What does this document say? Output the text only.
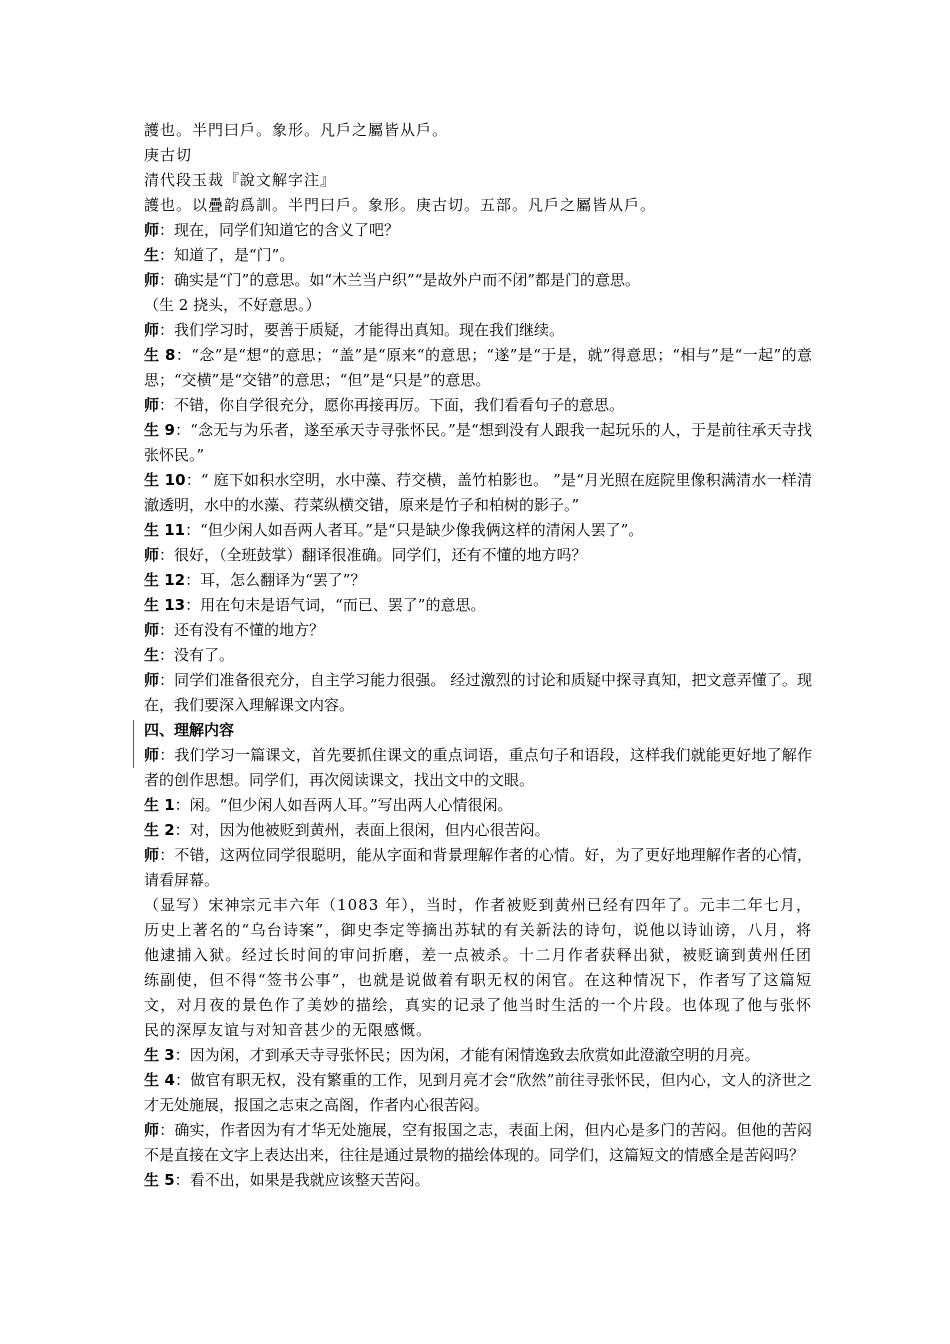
護也。半門曰戶。象形。凡戶之屬皆从戶。
庚古切
清代段玉裁『說文解字注』
護也。以疊韵爲訓。半門曰戶。象形。庚古切。五部。凡戶之屬皆从戶。
师：现在，同学们知道它的含义了吧？
生：知道了，是“门”。
师：确实是“门”的意思。如“木兰当户织”“是故外户而不闭”都是门的意思。
（生 2 挠头，不好意思。）
师：我们学习时，要善于质疑，才能得出真知。现在我们继续。
生 8：“念”是“想“的意思；“盖”是“原来“的意思；“遂”是“于是，就”得意思；“相与”是“一起”的意思；“交横”是“交错”的意思；“但”是“只是”的意思。
师：不错，你自学很充分，愿你再接再厉。下面，我们看看句子的意思。
生 9：“念无与为乐者，遂至承天寺寻张怀民。”是“想到没有人跟我一起玩乐的人，于是前往承天寺找张怀民。”
生 10：“ 庭下如积水空明，水中藻、荇交横，盖竹柏影也。 ”是“月光照在庭院里像积满清水一样清澈透明，水中的水藻、荇菜纵横交错，原来是竹子和柏树的影子。”
生 11：“但少闲人如吾两人者耳。”是“只是缺少像我俩这样的清闲人罢了”。
师：很好，（全班鼓掌）翻译很准确。同学们，还有不懂的地方吗？
生 12：耳，怎么翻译为“罢了”？
生 13：用在句末是语气词，“而已、罢了”的意思。
师：还有没有不懂的地方？
生：没有了。
师：同学们准备很充分，自主学习能力很强。 经过激烈的讨论和质疑中探寻真知，把文意弄懂了。现在，我们要深入理解课文内容。
四、理解内容
师：我们学习一篇课文，首先要抓住课文的重点词语，重点句子和语段，这样我们就能更好地了解作者的创作思想。同学们，再次阅读课文，找出文中的文眼。
生 1：闲。“但少闲人如吾两人耳。”写出两人心情很闲。
生 2：对，因为他被贬到黄州，表面上很闲，但内心很苦闷。
师：不错，这两位同学很聪明，能从字面和背景理解作者的心情。好，为了更好地理解作者的心情，请看屏幕。
（显写）宋神宗元丰六年（1083 年），当时，作者被贬到黄州已经有四年了。元丰二年七月，历史上著名的“乌台诗案”，御史李定等摘出苏轼的有关新法的诗句，说他以诗讪谤，八月，将他逮捕入狱。经过长时间的审问折磨，差一点被杀。十二月作者获释出狱，被贬谪到黄州任团练副使，但不得“签书公事”，也就是说做着有职无权的闲官。在这种情况下，作者写了这篇短文，对月夜的景色作了美妙的描绘，真实的记录了他当时生活的一个片段。也体现了他与张怀民的深厚友谊与对知音甚少的无限感慨。
生 3：因为闲，才到承天寺寻张怀民；因为闲，才能有闲情逸致去欣赏如此澄澈空明的月亮。
生 4：做官有职无权，没有繁重的工作，见到月亮才会“欣然”前往寻张怀民，但内心，文人的济世之才无处施展，报国之志束之高阁，作者内心很苦闷。
师：确实，作者因为有才华无处施展，空有报国之志，表面上闲，但内心是多门的苦闷。但他的苦闷不是直接在文字上表达出来，往往是通过景物的描绘体现的。同学们，这篇短文的情感全是苦闷吗？
生 5：看不出，如果是我就应该整天苦闷。
